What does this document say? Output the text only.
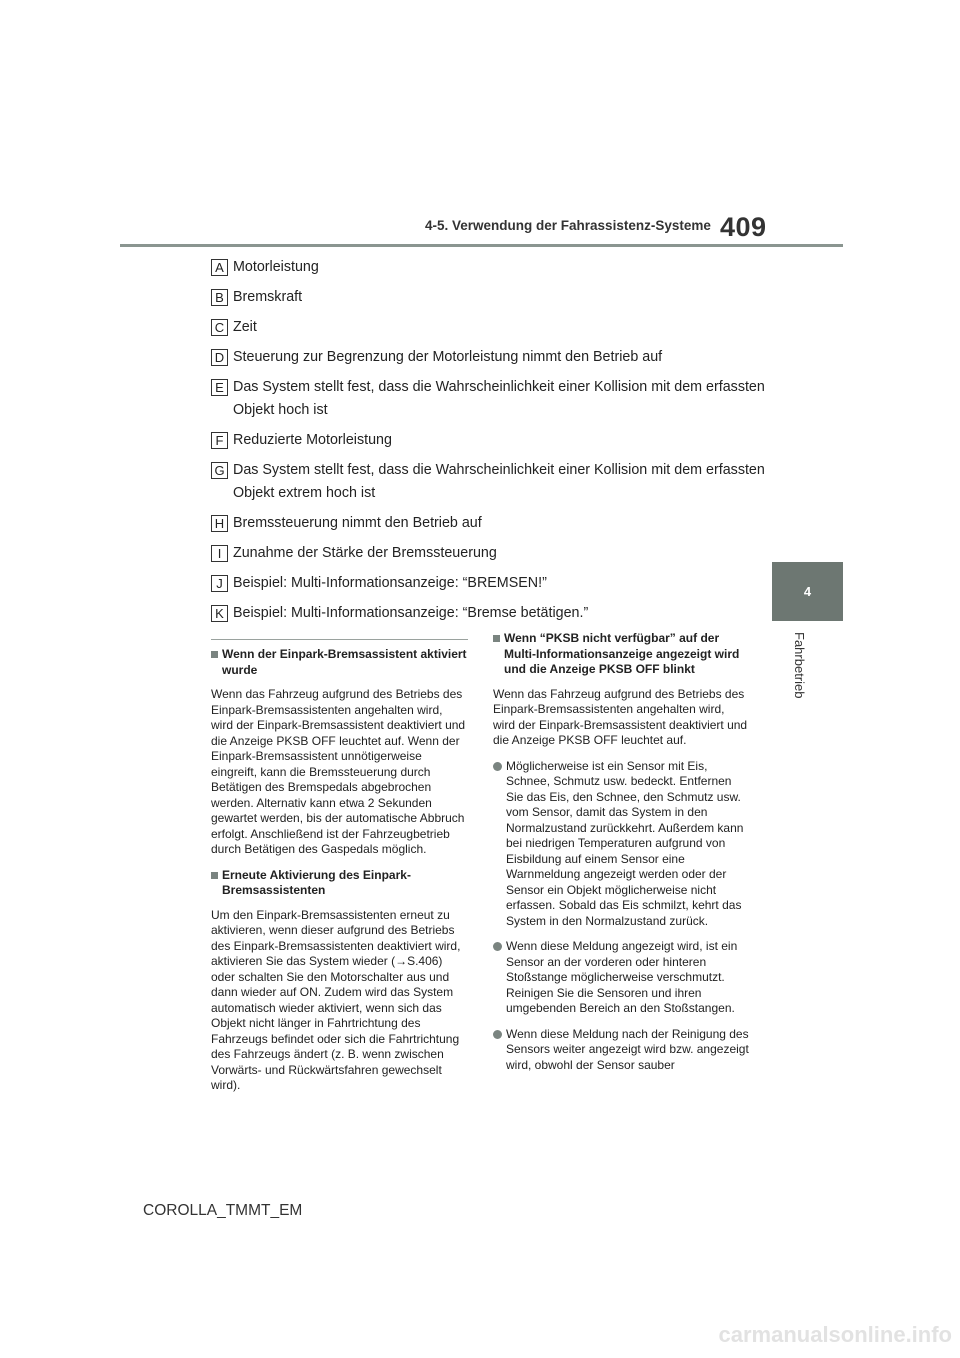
4-5. Verwendung der Fahrassistenz-Systeme 409
4
Fahrbetrieb
A Motorleistung
B Bremskraft
C Zeit
D Steuerung zur Begrenzung der Motorleistung nimmt den Betrieb auf
E Das System stellt fest, dass die Wahrscheinlichkeit einer Kollision mit dem erfassten Objekt hoch ist
F Reduzierte Motorleistung
G Das System stellt fest, dass die Wahrscheinlichkeit einer Kollision mit dem erfassten Objekt extrem hoch ist
H Bremssteuerung nimmt den Betrieb auf
I Zunahme der Stärke der Bremssteuerung
J Beispiel: Multi-Informationsanzeige: “BREMSEN!”
K Beispiel: Multi-Informationsanzeige: “Bremse betätigen.”
Wenn der Einpark-Bremsassistent aktiviert wurde

Wenn das Fahrzeug aufgrund des Betriebs des Einpark-Bremsassistenten angehalten wird, wird der Einpark-Bremsassistent deaktiviert und die Anzeige PKSB OFF leuchtet auf. Wenn der Einpark-Bremsassistent unnötigerweise eingreift, kann die Bremssteuerung durch Betätigen des Bremspedals abgebrochen werden. Alternativ kann etwa 2 Sekunden gewartet werden, bis der automatische Abbruch erfolgt. Anschließend ist der Fahrzeugbetrieb durch Betätigen des Gaspedals möglich.

Erneute Aktivierung des Einpark-Bremsassistenten

Um den Einpark-Bremsassistenten erneut zu aktivieren, wenn dieser aufgrund des Betriebs des Einpark-Bremsassistenten deaktiviert wird, aktivieren Sie das System wieder (→S.406) oder schalten Sie den Motorschalter aus und dann wieder auf ON. Zudem wird das System automatisch wieder aktiviert, wenn sich das Objekt nicht länger in Fahrtrichtung des Fahrzeugs befindet oder sich die Fahrtrichtung des Fahrzeugs ändert (z. B. wenn zwischen Vorwärts- und Rückwärtsfahren gewechselt wird).

Wenn “PKSB nicht verfügbar” auf der Multi-Informationsanzeige angezeigt wird und die Anzeige PKSB OFF blinkt

Wenn das Fahrzeug aufgrund des Betriebs des Einpark-Bremsassistenten angehalten wird, wird der Einpark-Bremsassistent deaktiviert und die Anzeige PKSB OFF leuchtet auf.

Möglicherweise ist ein Sensor mit Eis, Schnee, Schmutz usw. bedeckt. Entfernen Sie das Eis, den Schnee, den Schmutz usw. vom Sensor, damit das System in den Normalzustand zurückkehrt. Außerdem kann bei niedrigen Temperaturen aufgrund von Eisbildung auf einem Sensor eine Warnmeldung angezeigt werden oder der Sensor ein Objekt möglicherweise nicht erfassen. Sobald das Eis schmilzt, kehrt das System in den Normalzustand zurück.
Wenn diese Meldung angezeigt wird, ist ein Sensor an der vorderen oder hinteren Stoßstange möglicherweise verschmutzt. Reinigen Sie die Sensoren und ihren umgebenden Bereich an den Stoßstangen.
Wenn diese Meldung nach der Reinigung des Sensors weiter angezeigt wird bzw. angezeigt wird, obwohl der Sensor sauber
COROLLA_TMMT_EM
carmanualsonline.info
